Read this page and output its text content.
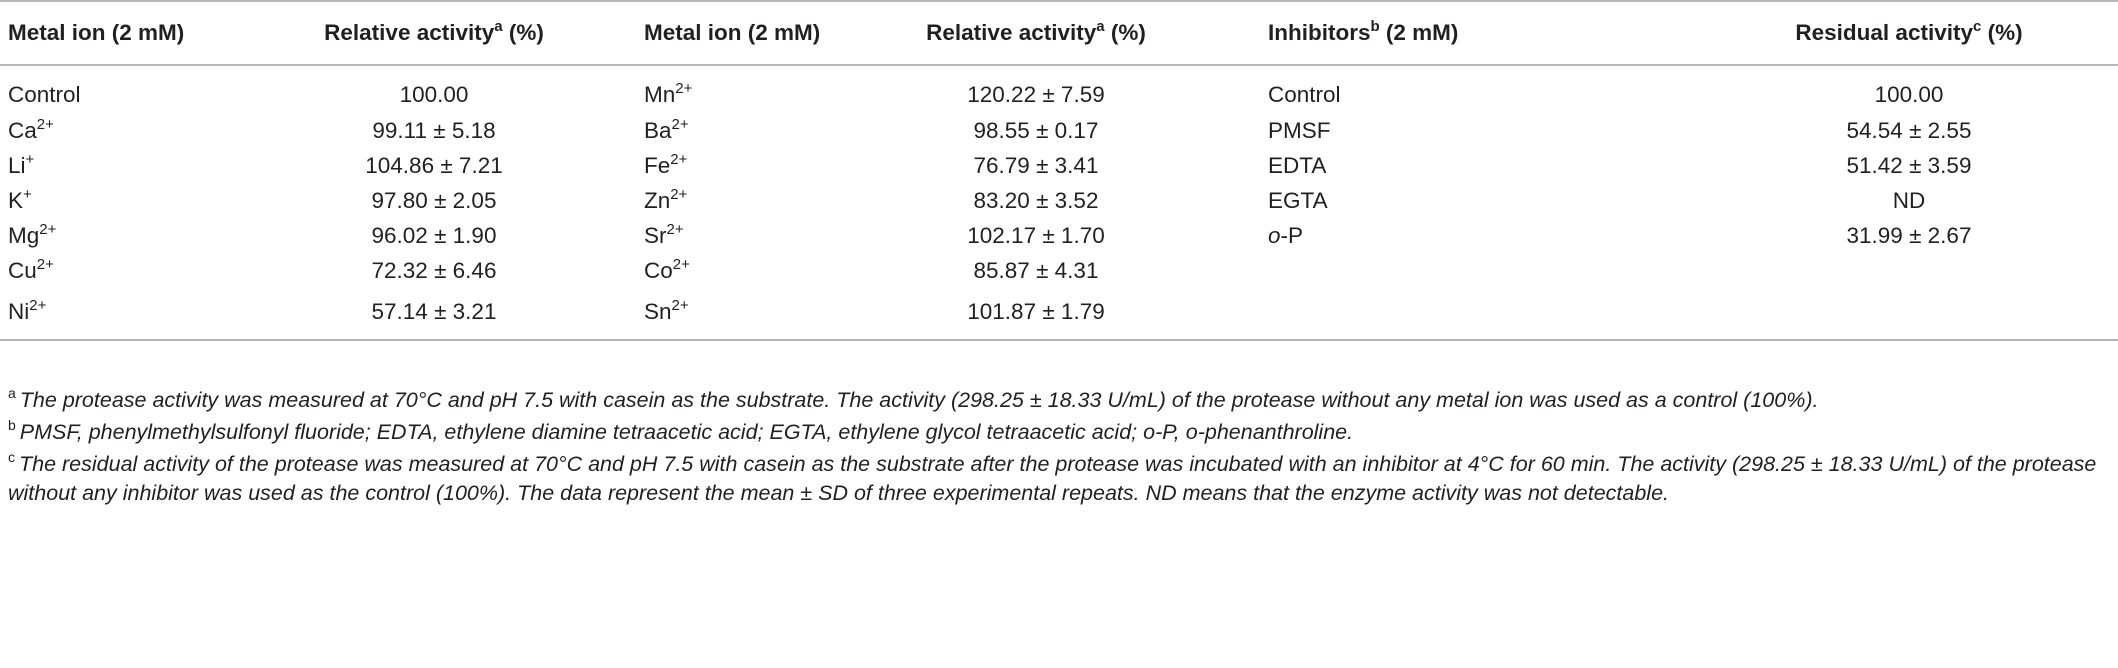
Metal ion (2 mM)	Relative activity$^a$ (%)	Metal ion (2 mM)	Relative activity$^a$ (%)	Inhibitors$^b$ (2 mM)	Residual activity$^c$ (%)
Control	100.00	$Mn^{2+}$	120.22 ± 7.59	Control	100.00
$Ca^{2+}$	99.11 ± 5.18	$Ba^{2+}$	98.55 ± 0.17	PMSF	54.54 ± 2.55
Li+	104.86 ± 7.21	$Fe^{2+}$	76.79 ± 3.41	EDTA	51.42 ± 3.59
K+	97.80 ± 2.05	$Zn^{2+}$	83.20 ± 3.52	EGTA	ND
$Mg^{2+}$	96.02 ± 1.90	$Sr^{2+}$	102.17 ± 1.70	o-P	31.99 ± 2.67
$Cu^{2+}$	72.32 ± 6.46	$Co^{2+}$	85.87 ± 4.31		
$Ni^{2+}$	57.14 ± 3.21	$Sn^{2+}$	101.87 ± 1.79		

$^a$ The protease activity was measured at 70°C and pH 7.5 with casein as the substrate. The activity (298.25 ± 18.33 U/mL) of the protease without any metal ion was used as a control (100%).

$^b$ PMSF, phenylmethylsulfonyl fluoride; EDTA, ethylene diamine tetraacetic acid; EGTA, ethylene glycol tetraacetic acid; o-P, o-phenanthroline.

$^c$ The residual activity of the protease was measured at 70°C and pH 7.5 with casein as the substrate after the protease was incubated with an inhibitor at 4°C for 60 min. The activity (298.25 ± 18.33 U/mL) of the protease without any inhibitor was used as the control (100%). The data represent the mean ± SD of three experimental repeats. ND means that the enzyme activity was not detectable.
